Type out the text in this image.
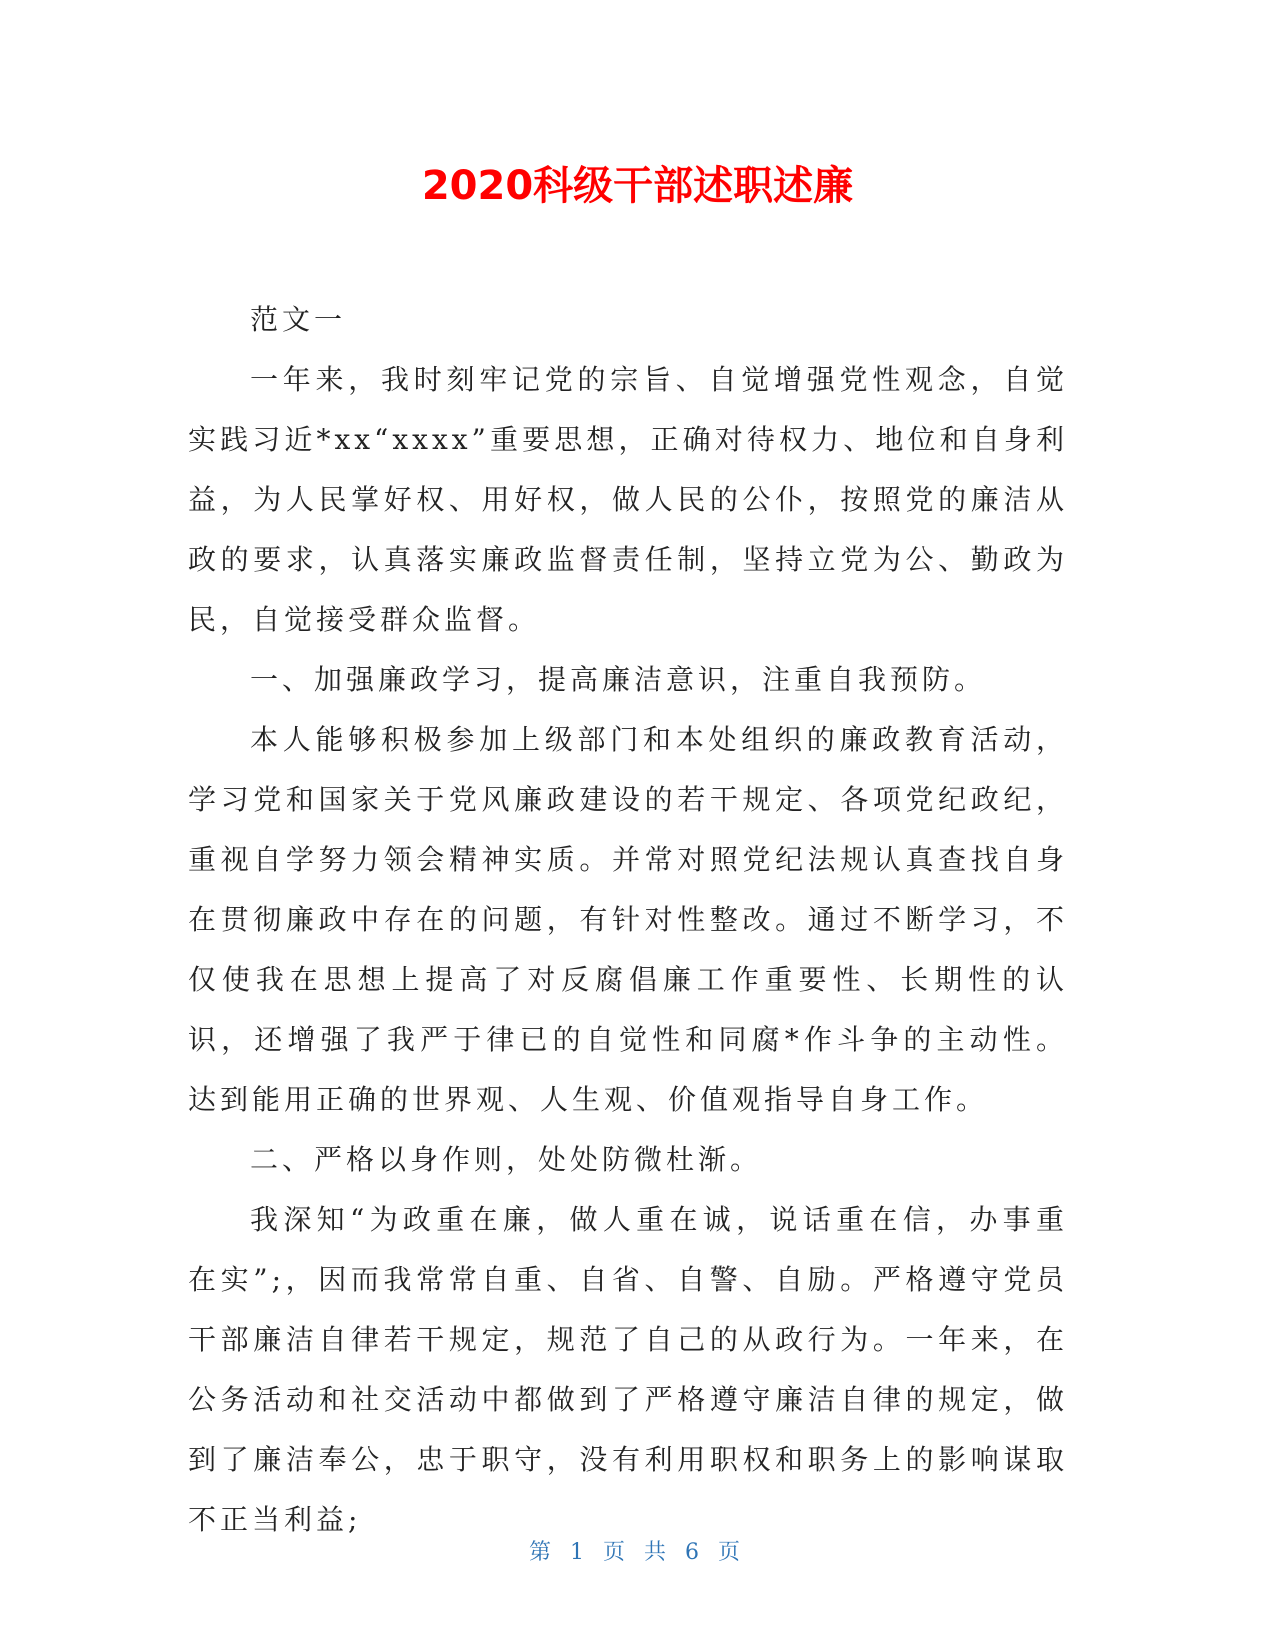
2020科级干部述职述廉

范文一

一年来，我时刻牢记党的宗旨、自觉增强党性观念，自觉实践习近*xx“xxxx”重要思想，正确对待权力、地位和自身利益，为人民掌好权、用好权，做人民的公仆，按照党的廉洁从政的要求，认真落实廉政监督责任制，坚持立党为公、勤政为民，自觉接受群众监督。

一、加强廉政学习，提高廉洁意识，注重自我预防。

本人能够积极参加上级部门和本处组织的廉政教育活动，学习党和国家关于党风廉政建设的若干规定、各项党纪政纪，重视自学努力领会精神实质。并常对照党纪法规认真查找自身在贯彻廉政中存在的问题，有针对性整改。通过不断学习，不仅使我在思想上提高了对反腐倡廉工作重要性、长期性的认识，还增强了我严于律已的自觉性和同腐*作斗争的主动性。达到能用正确的世界观、人生观、价值观指导自身工作。

二、严格以身作则，处处防微杜渐。

我深知“为政重在廉，做人重在诚，说话重在信，办事重在实”;，因而我常常自重、自省、自警、自励。严格遵守党员干部廉洁自律若干规定，规范了自己的从政行为。一年来，在公务活动和社交活动中都做到了严格遵守廉洁自律的规定，做到了廉洁奉公，忠于职守，没有利用职权和职务上的影响谋取不正当利益;

第 1 页 共 6 页
